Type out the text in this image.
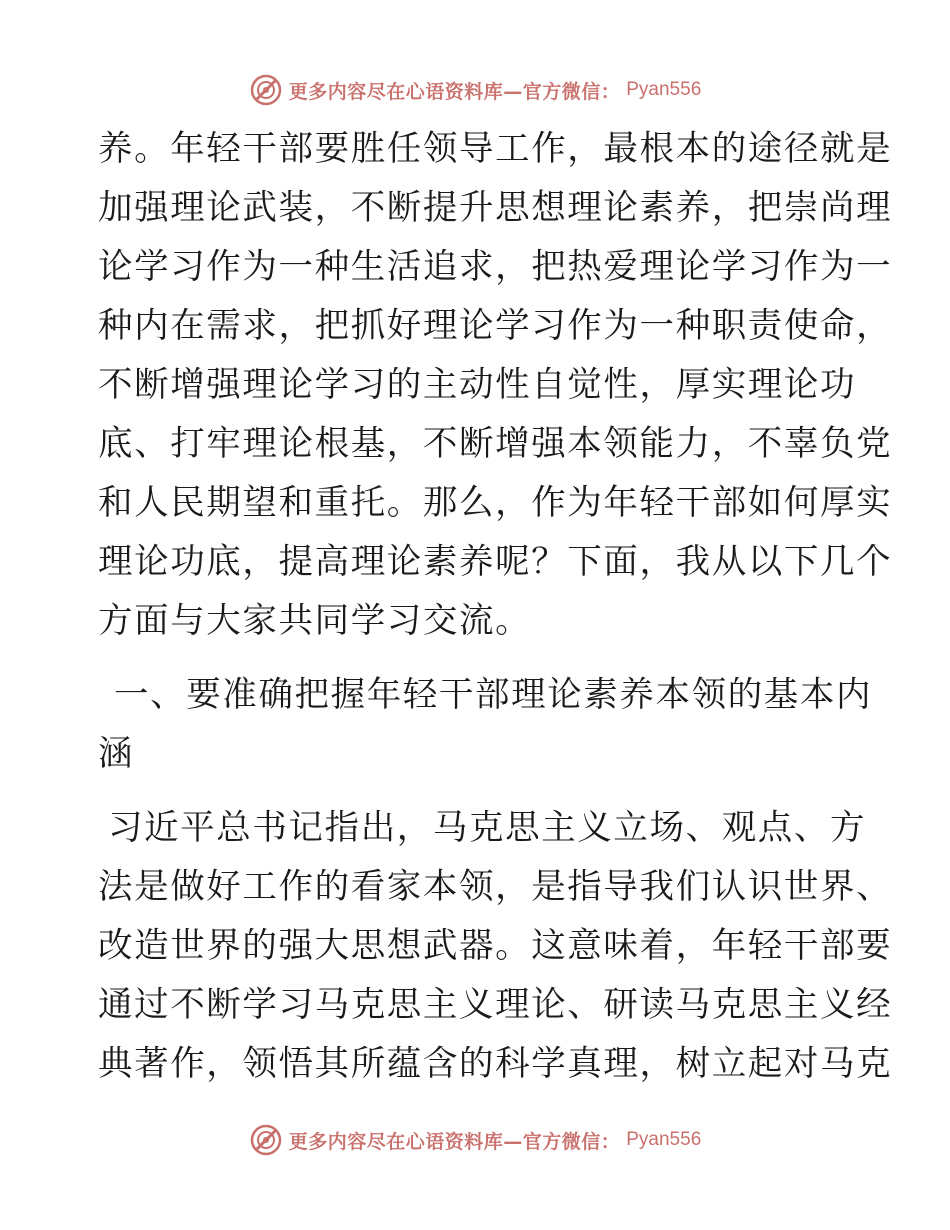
更多内容尽在心语资料库—官方微信： Pyan556
养。年轻干部要胜任领导工作，最根本的途径就是
加强理论武装，不断提升思想理论素养，把崇尚理
论学习作为一种生活追求，把热爱理论学习作为一
种内在需求，把抓好理论学习作为一种职责使命，
不断增强理论学习的主动性自觉性，厚实理论功
底、打牢理论根基，不断增强本领能力，不辜负党
和人民期望和重托。那么，作为年轻干部如何厚实
理论功底，提高理论素养呢？下面，我从以下几个
方面与大家共同学习交流。
一、要准确把握年轻干部理论素养本领的基本内
涵
习近平总书记指出，马克思主义立场、观点、方
法是做好工作的看家本领，是指导我们认识世界、
改造世界的强大思想武器。这意味着，年轻干部要
通过不断学习马克思主义理论、研读马克思主义经
典著作，领悟其所蕴含的科学真理，树立起对马克
更多内容尽在心语资料库—官方微信： Pyan556
